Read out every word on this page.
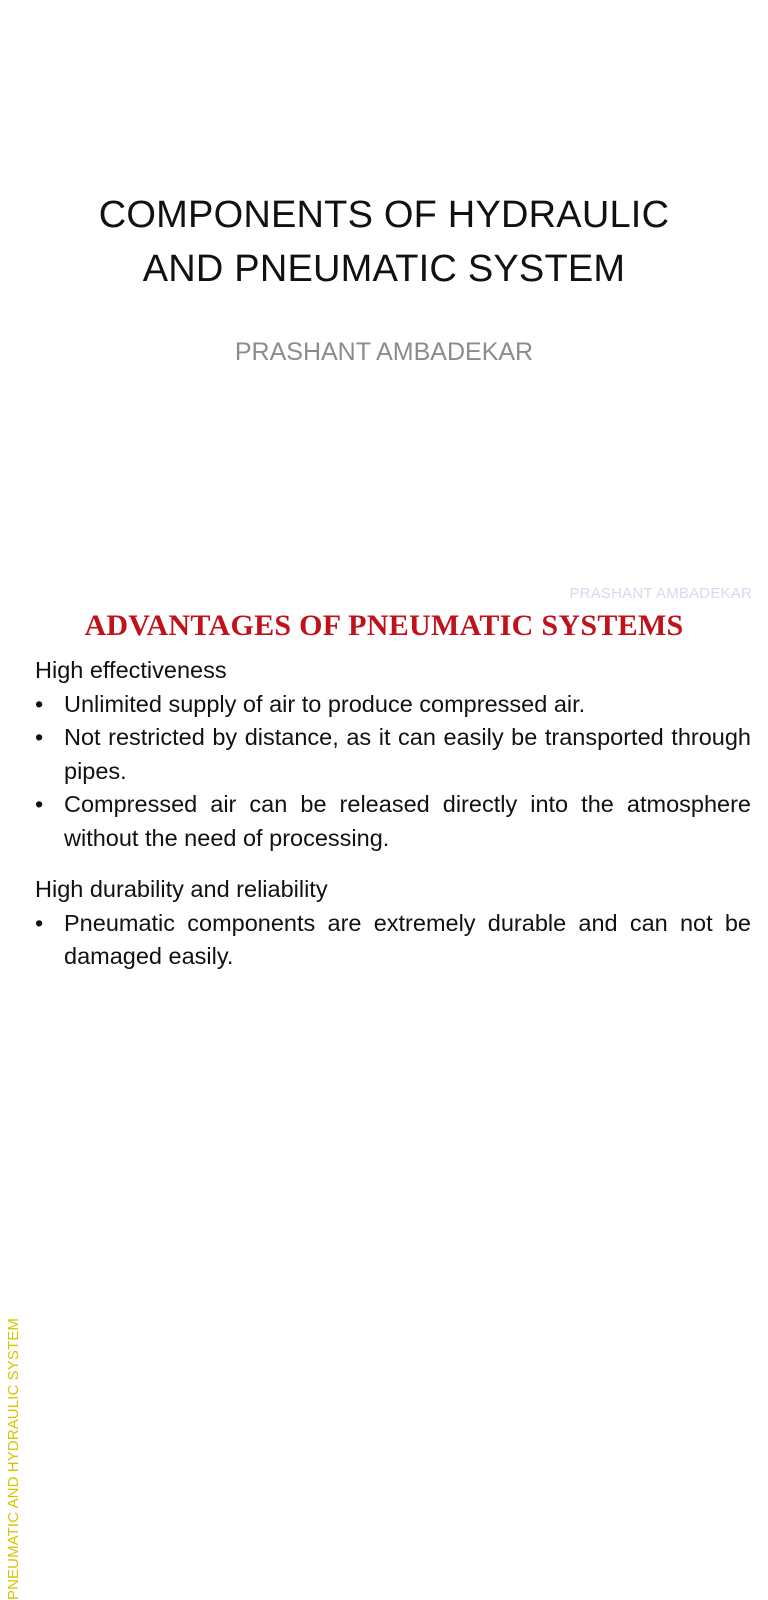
COMPONENTS OF HYDRAULIC
AND PNEUMATIC SYSTEM
PRASHANT AMBADEKAR
PRASHANT AMBADEKAR
ADVANTAGES OF PNEUMATIC SYSTEMS
PNEUMATIC AND HYDRAULIC SYSTEM

High effectiveness

• Unlimited supply of air to produce compressed air.
• Not restricted by distance, as it can easily be transported through pipes.
• Compressed air can be released directly into the atmosphere without the need of processing.

High durability and reliability

• Pneumatic components are extremely durable and can not be damaged easily.
